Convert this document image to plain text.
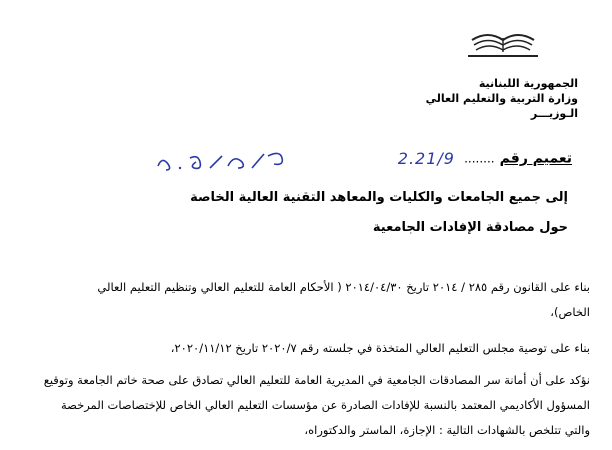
الجمهورية اللبنانية
وزارة التربية والتعليم العالي
الـوزيـــر
تعميم رقم ........ 2.21/9
إلى جميع الجامعات والكليات والمعاهد التقنية العالية الخاصة
حول مصادقة الإفادات الجامعية
بناء على القانون رقم ٢٨٥ / ٢٠١٤ تاريخ ٢٠١٤/٠٤/٣٠ ( الأحكام العامة للتعليم العالي وتنظيم التعليم العالي
الخاص)،
بناء على توصية مجلس التعليم العالي المتخذة في جلسته رقم ٢٠٢٠/٧ تاريخ ٢٠٢٠/١١/١٢،
نؤكد على أن أمانة سر المصادقات الجامعية في المديرية العامة للتعليم العالي تصادق على صحة خاتم الجامعة وتوقيع
المسؤول الأكاديمي المعتمد بالنسبة للإفادات الصادرة عن مؤسسات التعليم العالي الخاص للإختصاصات المرخصة
والتي تتلخص بالشهادات التالية : الإجازة، الماستر والدكتوراه،
